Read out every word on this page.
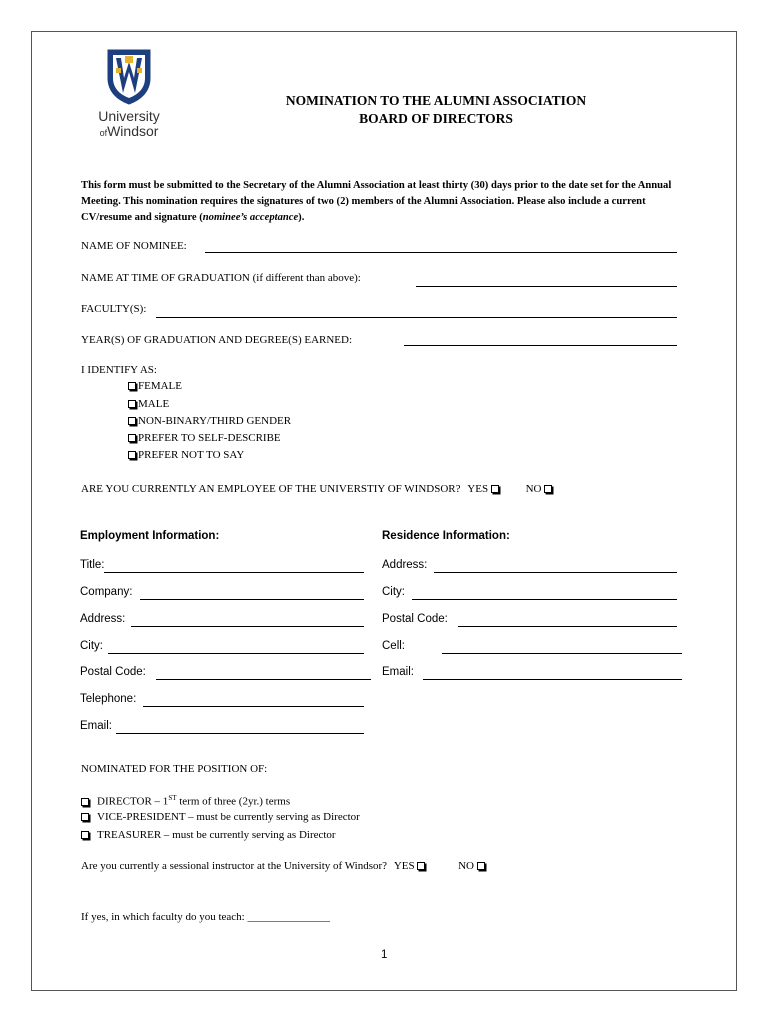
University
ofWindsor
NOMINATION TO THE ALUMNI ASSOCIATION
BOARD OF DIRECTORS
This form must be submitted to the Secretary of the Alumni Association at least thirty (30) days prior to the date set for the Annual Meeting. This nomination requires the signatures of two (2) members of the Alumni Association. Please also include a current CV/resume and signature (nominee’s acceptance).
NAME OF NOMINEE:
NAME AT TIME OF GRADUATION (if different than above):
FACULTY(S):
YEAR(S) OF GRADUATION AND DEGREE(S) EARNED:
I IDENTIFY AS:
FEMALE
MALE
NON-BINARY/THIRD GENDER
PREFER TO SELF-DESCRIBE
PREFER NOT TO SAY
ARE YOU CURRENTLY AN EMPLOYEE OF THE UNIVERSTIY OF WINDSOR? YES	NO
Employment Information:
Title:
Company:
Address:
City:
Postal Code:
Telephone:
Email:
Residence Information:
Address:
City:
Postal Code:
Cell:
Email:
NOMINATED FOR THE POSITION OF:
DIRECTOR – 1ST term of three (2yr.) terms
VICE-PRESIDENT – must be currently serving as Director
TREASURER – must be currently serving as Director
Are you currently a sessional instructor at the University of Windsor? YES	NO
If yes, in which faculty do you teach: _______________
1
